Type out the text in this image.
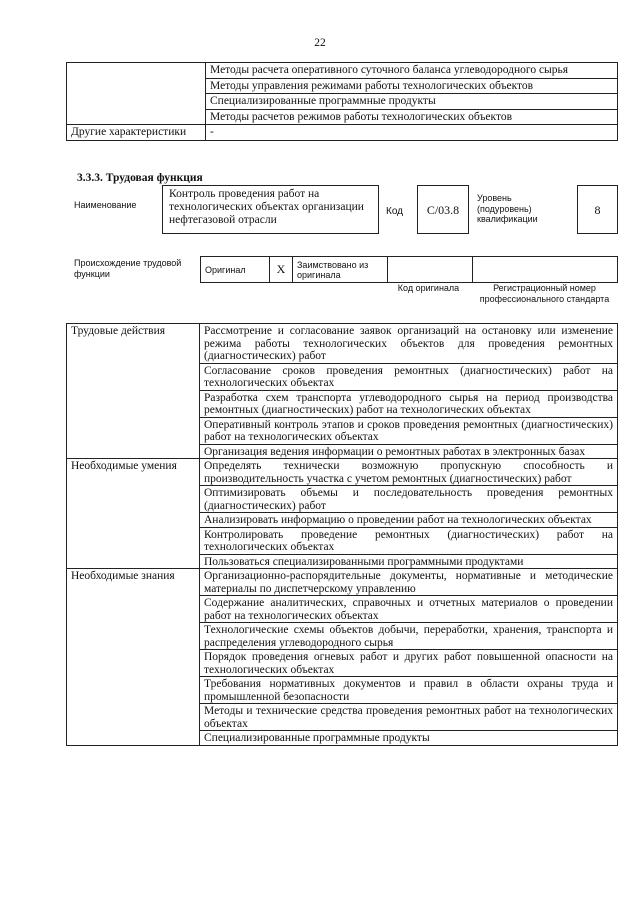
22
	Методы расчета оперативного суточного баланса углеводородного сырья
	Методы управления режимами работы технологических объектов
	Специализированные программные продукты
	Методы расчетов режимов работы технологических объектов
Другие характеристики	-
3.3.3. Трудовая функция
Наименование
Контроль проведения работ на технологических объектах организации нефтегазовой отрасли
Код	С/03.8
Уровень (подуровень) квалификации
8
Происхождение трудовой функции	Оригинал	X	Заимствовано из оригинала		
Код оригинала	Регистрационный номер профессионального стандарта
Трудовые действия	Рассмотрение и согласование заявок организаций на остановку или изменение режима работы технологических объектов для проведения ремонтных (диагностических) работ
	Согласование сроков проведения ремонтных (диагностических) работ на технологических объектах
	Разработка схем транспорта углеводородного сырья на период производства ремонтных (диагностических) работ на технологических объектах
	Оперативный контроль этапов и сроков проведения ремонтных (диагностических) работ на технологических объектах
	Организация ведения информации о ремонтных работах в электронных базах
Необходимые умения	Определять технически возможную пропускную способность и производительность участка с учетом ремонтных (диагностических) работ
	Оптимизировать объемы и последовательность проведения ремонтных (диагностических) работ
	Анализировать информацию о проведении работ на технологических объектах
	Контролировать проведение ремонтных (диагностических) работ на технологических объектах
	Пользоваться специализированными программными продуктами
Необходимые знания	Организационно-распорядительные документы, нормативные и методические материалы по диспетчерскому управлению
	Содержание аналитических, справочных и отчетных материалов о проведении работ на технологических объектах
	Технологические схемы объектов добычи, переработки, хранения, транспорта и распределения углеводородного сырья
	Порядок проведения огневых работ и других работ повышенной опасности на технологических объектах
	Требования нормативных документов и правил в области охраны труда и промышленной безопасности
	Методы и технические средства проведения ремонтных работ на технологических объектах
	Специализированные программные продукты
